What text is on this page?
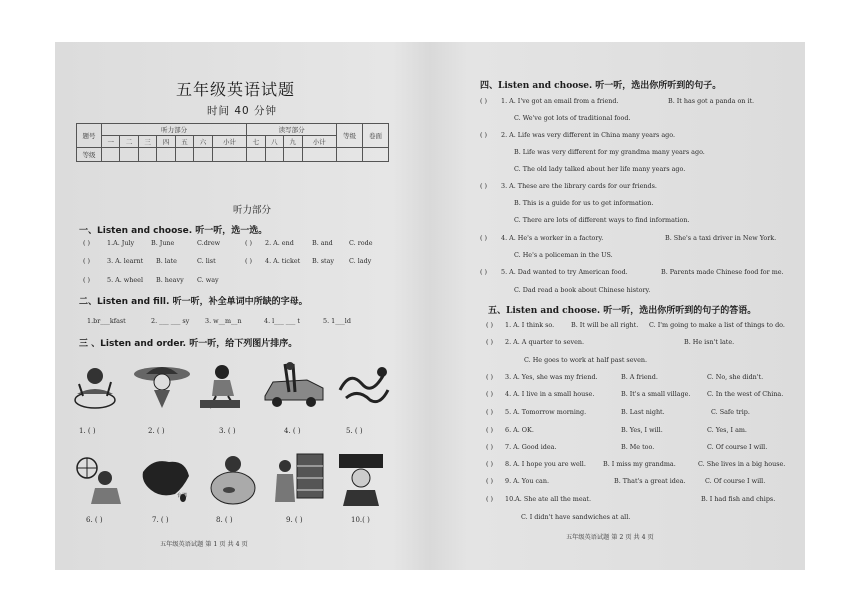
五年级英语试题
时间 40 分钟
题号	听力部分							读写部分				等级	卷面
	一	二	三	四	五	六	小计	七	八	九	小计		
等级													
听力部分
一、Listen and choose. 听一听，选一选。
( )	1.A. July	B. June	C.drew	( ) 2. A. end	B. and	C. rode
( )	3. A. learnt B. late	C. list	( ) 4. A. ticket B. stay C. lady
( )	5. A. wheel B. heavy C. way
二、Listen and fill. 听一听，补全单词中所缺的字母。
1.br___kfast	2. ___ ___ sy 3. w__m__n	4. l___ ___ t	5. 1___ld
三 、Listen and order. 听一听，给下列图片排序。
1. ( )	2. ( )	3. ( )	4. ( )	5. ( )
台湾
6. ( )	7. ( )	8. ( )	9. ( )	10.( )
五年级英语试题 第 1 页 共 4 页
四、Listen and choose. 听一听，选出你所听到的句子。
( ) 1. A. I've got an email from a friend.	B. It has got a panda on it.
C. We've got lots of traditional food.
( ) 2. A. Life was very different in China many years ago.
B. Life was very different for my grandma many years ago.
C. The old lady talked about her life many years ago.
( ) 3. A. These are the library cards for our friends.
B. This is a guide for us to get information.
C. There are lots of different ways to find information.
( ) 4. A. He's a worker in a factory.	B. She's a taxi driver in New York.
C. He's a policeman in the US.
( ) 5. A. Dad wanted to try American food.	B. Parents made Chinese food for me.
C. Dad read a book about Chinese history.
五、Listen and choose. 听一听，选出你所听到的句子的答语。
( ) 1. A. I think so.	B. It will be all right. C. I'm going to make a list of things to do.
( ) 2. A. A quarter to seven.	B. He isn't late.
C. He goes to work at half past seven.
( ) 3. A. Yes, she was my friend.	B. A friend.	C. No, she didn't.
( ) 4. A. I live in a small house.	B. It's a small village.	C. In the west of China.
( ) 5. A. Tomorrow morning.	B. Last night.	C. Safe trip.
( ) 6. A. OK.	B. Yes, I will.	C. Yes, I am.
( ) 7. A. Good idea.	B. Me too.	C. Of course I will.
( ) 8. A. I hope you are well.	B. I miss my grandma.	C. She lives in a big house.
( ) 9. A. You can.	B. That's a great idea.	C. Of course I will.
( ) 10.A. She ate all the meat.	B. I had fish and chips.
C. I didn't have sandwiches at all.
五年级英语试题 第 2 页 共 4 页
